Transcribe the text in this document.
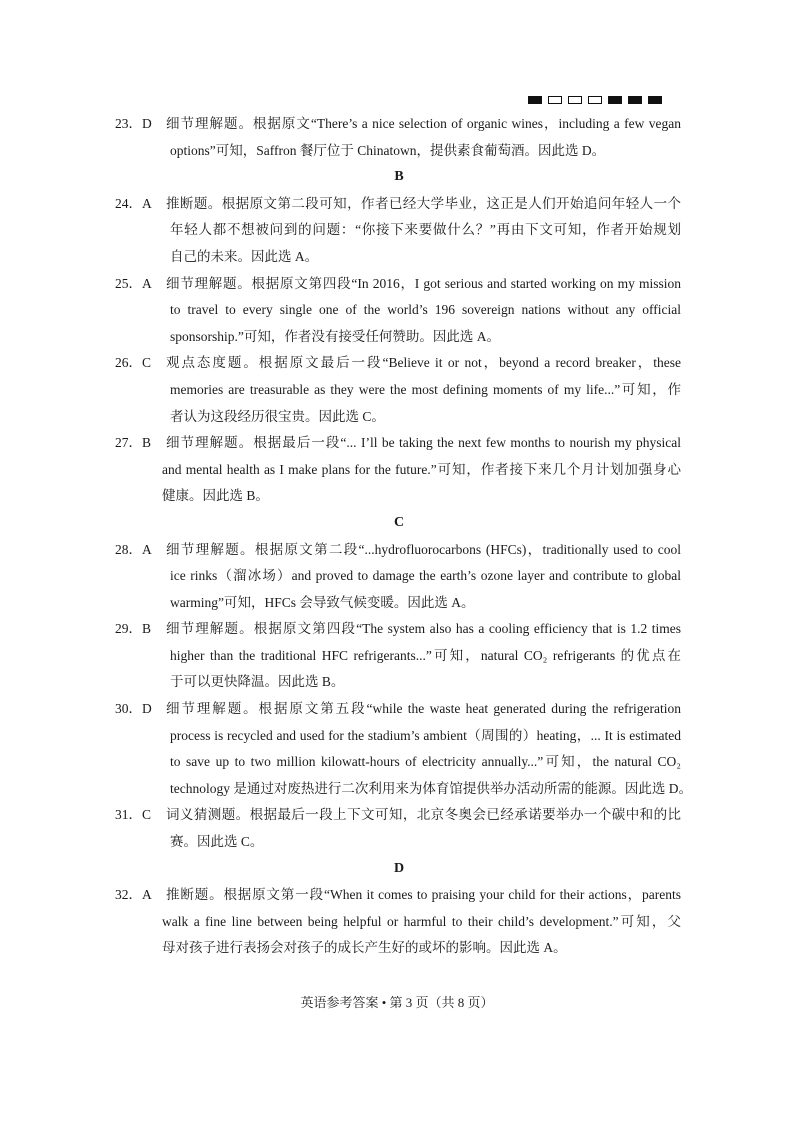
23．D	细节理解题。根据原文“There’s a nice selection of organic wines，including a few vegan
options”可知，Saffron 餐厅位于 Chinatown，提供素食葡萄酒。因此选 D。
B
24．A	推断题。根据原文第二段可知，作者已经大学毕业，这正是人们开始追问年轻人一个
年轻人都不想被问到的问题：“你接下来要做什么？”再由下文可知，作者开始规划
自己的未来。因此选 A。
25．A	细节理解题。根据原文第四段“In 2016，I got serious and started working on my mission
to travel to every single one of the world’s 196 sovereign nations without any official
sponsorship.”可知，作者没有接受任何赞助。因此选 A。
26．C	观点态度题。根据原文最后一段“Believe it or not，beyond a record breaker，these
memories are treasurable as they were the most defining moments of my life...”可知，作
者认为这段经历很宝贵。因此选 C。
27．B	细节理解题。根据最后一段“... I’ll be taking the next few months to nourish my physical
and mental health as I make plans for the future.”可知，作者接下来几个月计划加强身心
健康。因此选 B。
C
28．A	细节理解题。根据原文第二段“...hydrofluorocarbons (HFCs)，traditionally used to cool
ice rinks（溜冰场）and proved to damage the earth’s ozone layer and contribute to global
warming”可知，HFCs 会导致气候变暖。因此选 A。
29．B	细节理解题。根据原文第四段“The system also has a cooling efficiency that is 1.2 times
higher than the traditional HFC refrigerants...”可知，natural CO₂ refrigerants 的优点在
于可以更快降温。因此选 B。
30．D	细节理解题。根据原文第五段“while the waste heat generated during the refrigeration
process is recycled and used for the stadium’s ambient（周围的）heating，... It is estimated
to save up to two million kilowatt-hours of electricity annually...”可知，the natural CO₂
technology 是通过对废热进行二次利用来为体育馆提供举办活动所需的能源。因此选 D。
31．C	词义猜测题。根据最后一段上下文可知，北京冬奥会已经承诺要举办一个碳中和的比
赛。因此选 C。
D
32．A	推断题。根据原文第一段“When it comes to praising your child for their actions，parents
walk a fine line between being helpful or harmful to their child’s development.”可知，父
母对孩子进行表扬会对孩子的成长产生好的或坏的影响。因此选 A。
英语参考答案 • 第 3 页（共 8 页）
